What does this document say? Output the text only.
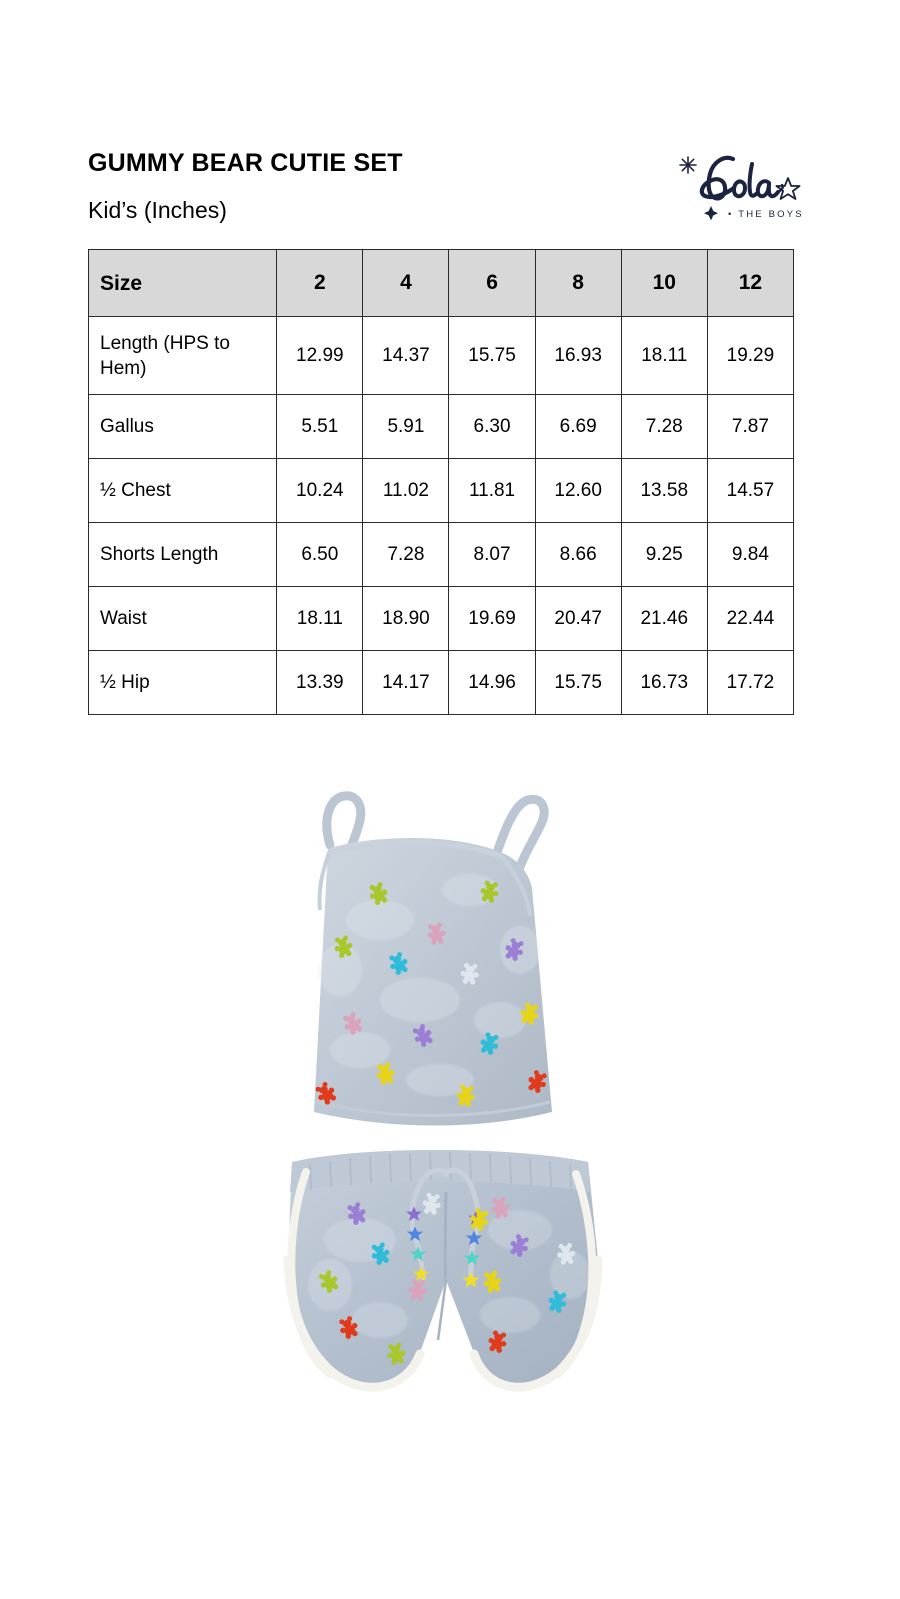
GUMMY BEAR CUTIE SET

Kid’s (Inches)	• THE BOYS
Size	2	4	6	8	10	12
Length (HPS to Hem)	12.99	14.37	15.75	16.93	18.11	19.29
Gallus	5.51	5.91	6.30	6.69	7.28	7.87
½ Chest	10.24	11.02	11.81	12.60	13.58	14.57
Shorts Length	6.50	7.28	8.07	8.66	9.25	9.84
Waist	18.11	18.90	19.69	20.47	21.46	22.44
½ Hip	13.39	14.17	14.96	15.75	16.73	17.72
